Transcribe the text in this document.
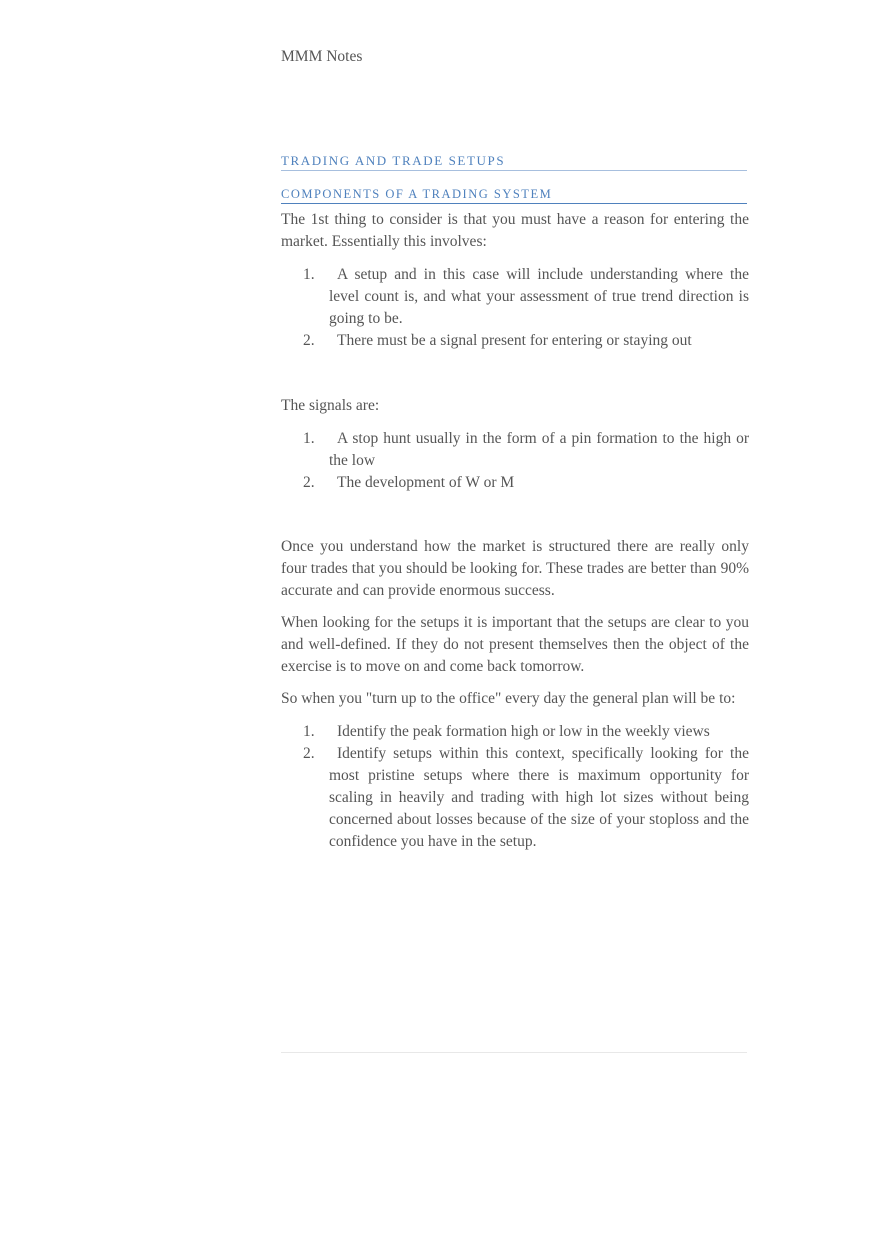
MMM Notes
TRADING AND TRADE SETUPS
COMPONENTS OF A TRADING SYSTEM
The 1st thing to consider is that you must have a reason for entering the market. Essentially this involves:
1.	A setup and in this case will include understanding where the level count is, and what your assessment of true trend direction is going to be.
2.	There must be a signal present for entering or staying out
The signals are:
1.	A stop hunt usually in the form of a pin formation to the high or the low
2.	The development of W or M
Once you understand how the market is structured there are really only four trades that you should be looking for. These trades are better than 90% accurate and can provide enormous success.
When looking for the setups it is important that the setups are clear to you and well-defined. If they do not present themselves then the object of the exercise is to move on and come back tomorrow.
So when you "turn up to the office" every day the general plan will be to:
1.	Identify the peak formation high or low in the weekly views
2.	Identify setups within this context, specifically looking for the most pristine setups where there is maximum opportunity for scaling in heavily and trading with high lot sizes without being concerned about losses because of the size of your stoploss and the confidence you have in the setup.
